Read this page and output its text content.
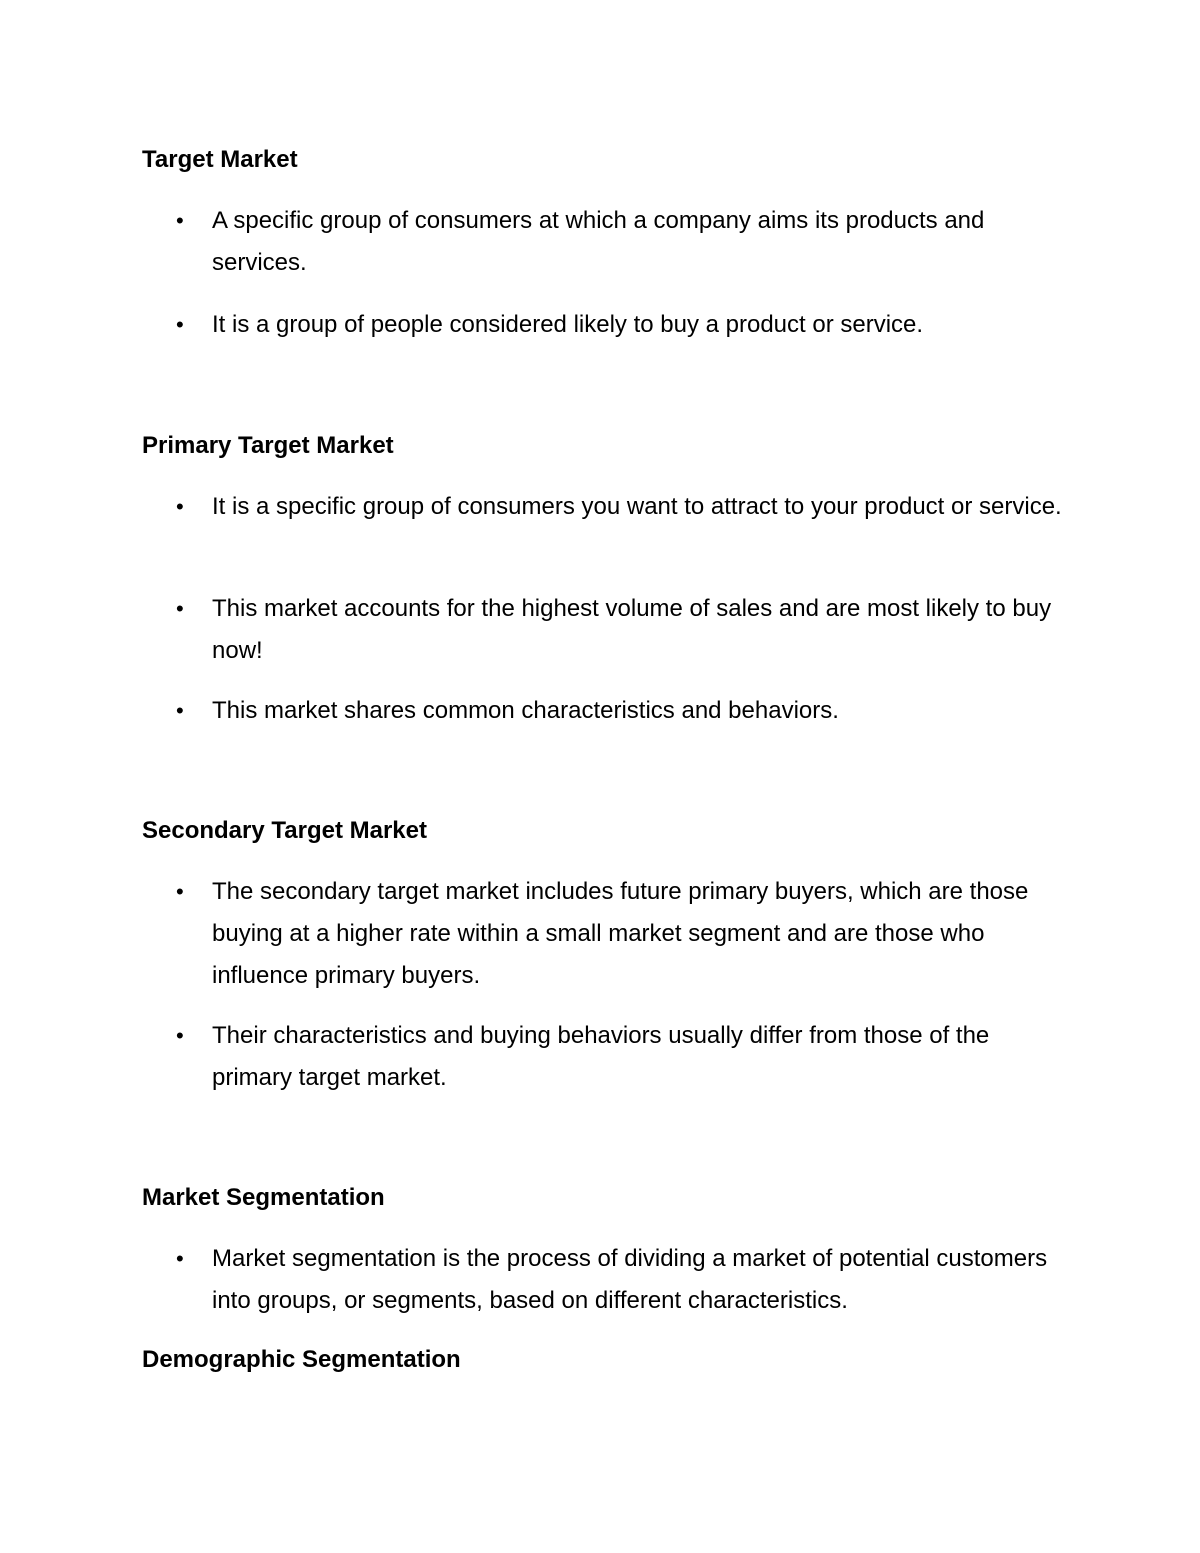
Target Market
• A specific group of consumers at which a company aims its products and services.
• It is a group of people considered likely to buy a product or service.
Primary Target Market
• It is a specific group of consumers you want to attract to your product or service.
• This market accounts for the highest volume of sales and are most likely to buy now!
• This market shares common characteristics and behaviors.
Secondary Target Market
• The secondary target market includes future primary buyers, which are those buying at a higher rate within a small market segment and are those who influence primary buyers.
• Their characteristics and buying behaviors usually differ from those of the primary target market.
Market Segmentation
• Market segmentation is the process of dividing a market of potential customers into groups, or segments, based on different characteristics.
Demographic Segmentation
